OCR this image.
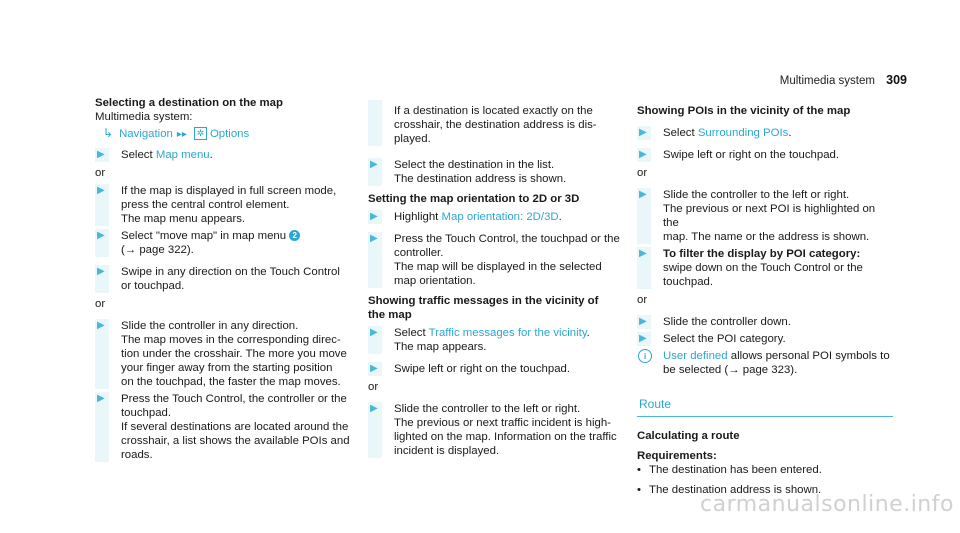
Multimedia system 309

Selecting a destination on the map

Multimedia system:

↳ Navigation ▸▸ ✲ Options
▶ Select Map menu.
or
▶ If the map is displayed in full screen mode,
press the central control element.
The map menu appears.
▶ Select "move map" in map menu 2
(→ page 322).
▶ Swipe in any direction on the Touch Control
or touchpad.
or
▶ Slide the controller in any direction.
The map moves in the corresponding direc-
tion under the crosshair. The more you move
your finger away from the starting position
on the touchpad, the faster the map moves.
▶ Press the Touch Control, the controller or the
touchpad.
If several destinations are located around the
crosshair, a list shows the available POIs and
roads.
If a destination is located exactly on the
crosshair, the destination address is dis-
played.
▶ Select the destination in the list.
The destination address is shown.

Setting the map orientation to 2D or 3D

▶ Highlight Map orientation: 2D/3D.
▶ Press the Touch Control, the touchpad or the
controller.
The map will be displayed in the selected
map orientation.

Showing traffic messages in the vicinity of
the map

▶ Select Traffic messages for the vicinity.
The map appears.
▶ Swipe left or right on the touchpad.
or
▶ Slide the controller to the left or right.
The previous or next traffic incident is high-
lighted on the map. Information on the traffic
incident is displayed.

Showing POIs in the vicinity of the map

▶ Select Surrounding POIs.
▶ Swipe left or right on the touchpad.
or
▶ Slide the controller to the left or right.
The previous or next POI is highlighted on the
map. The name or the address is shown.
▶ To filter the display by POI category:
swipe down on the Touch Control or the
touchpad.
or
▶ Slide the controller down.
▶ Select the POI category.
i	User defined allows personal POI symbols to
be selected (→ page 323).
Route

Calculating a route

Requirements:

• The destination has been entered.
• The destination address is shown.
carmanualsonline.info
